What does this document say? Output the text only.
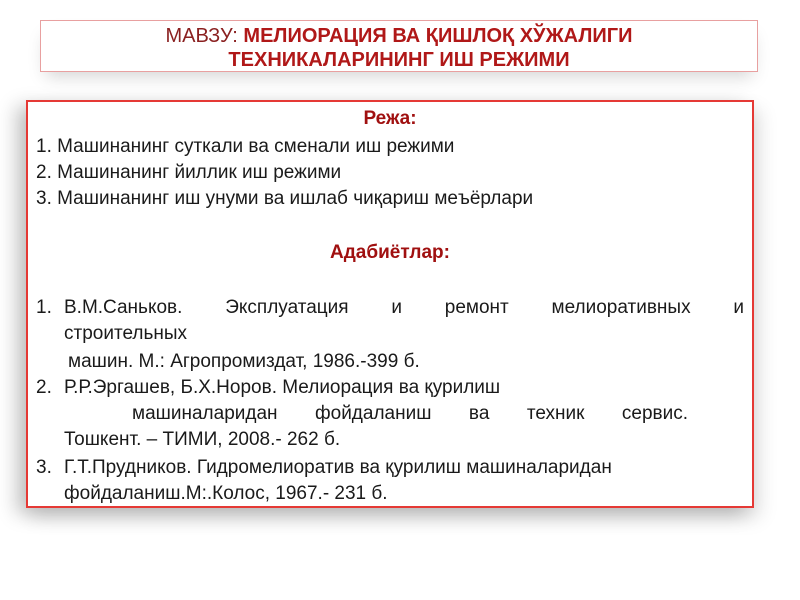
МАВЗУ: МЕЛИОРАЦИЯ ВА ҚИШЛОҚ ХЎЖАЛИГИ
ТЕХНИКАЛАРИНИНГ ИШ РЕЖИМИ
Режа:
1. Машинанинг суткали ва сменали иш режими
2. Машинанинг йиллик иш режими
3. Машинанинг иш унуми ва ишлаб чиқариш меъёрлари
Адабиётлар:
1. В.М.Саньков. Эксплуатация и ремонт мелиоративных и
строительных
машин. М.: Агропромиздат, 1986.-399 б.
2. Р.Р.Эргашев, Б.Х.Норов. Мелиорация ва қурилиш
машиналаридан фойдаланиш ва техник сервис.
Тошкент. – ТИМИ, 2008.- 262 б.
3. Г.Т.Прудников. Гидромелиоратив ва қурилиш машиналаридан
фойдаланиш.М:.Колос, 1967.- 231 б.
